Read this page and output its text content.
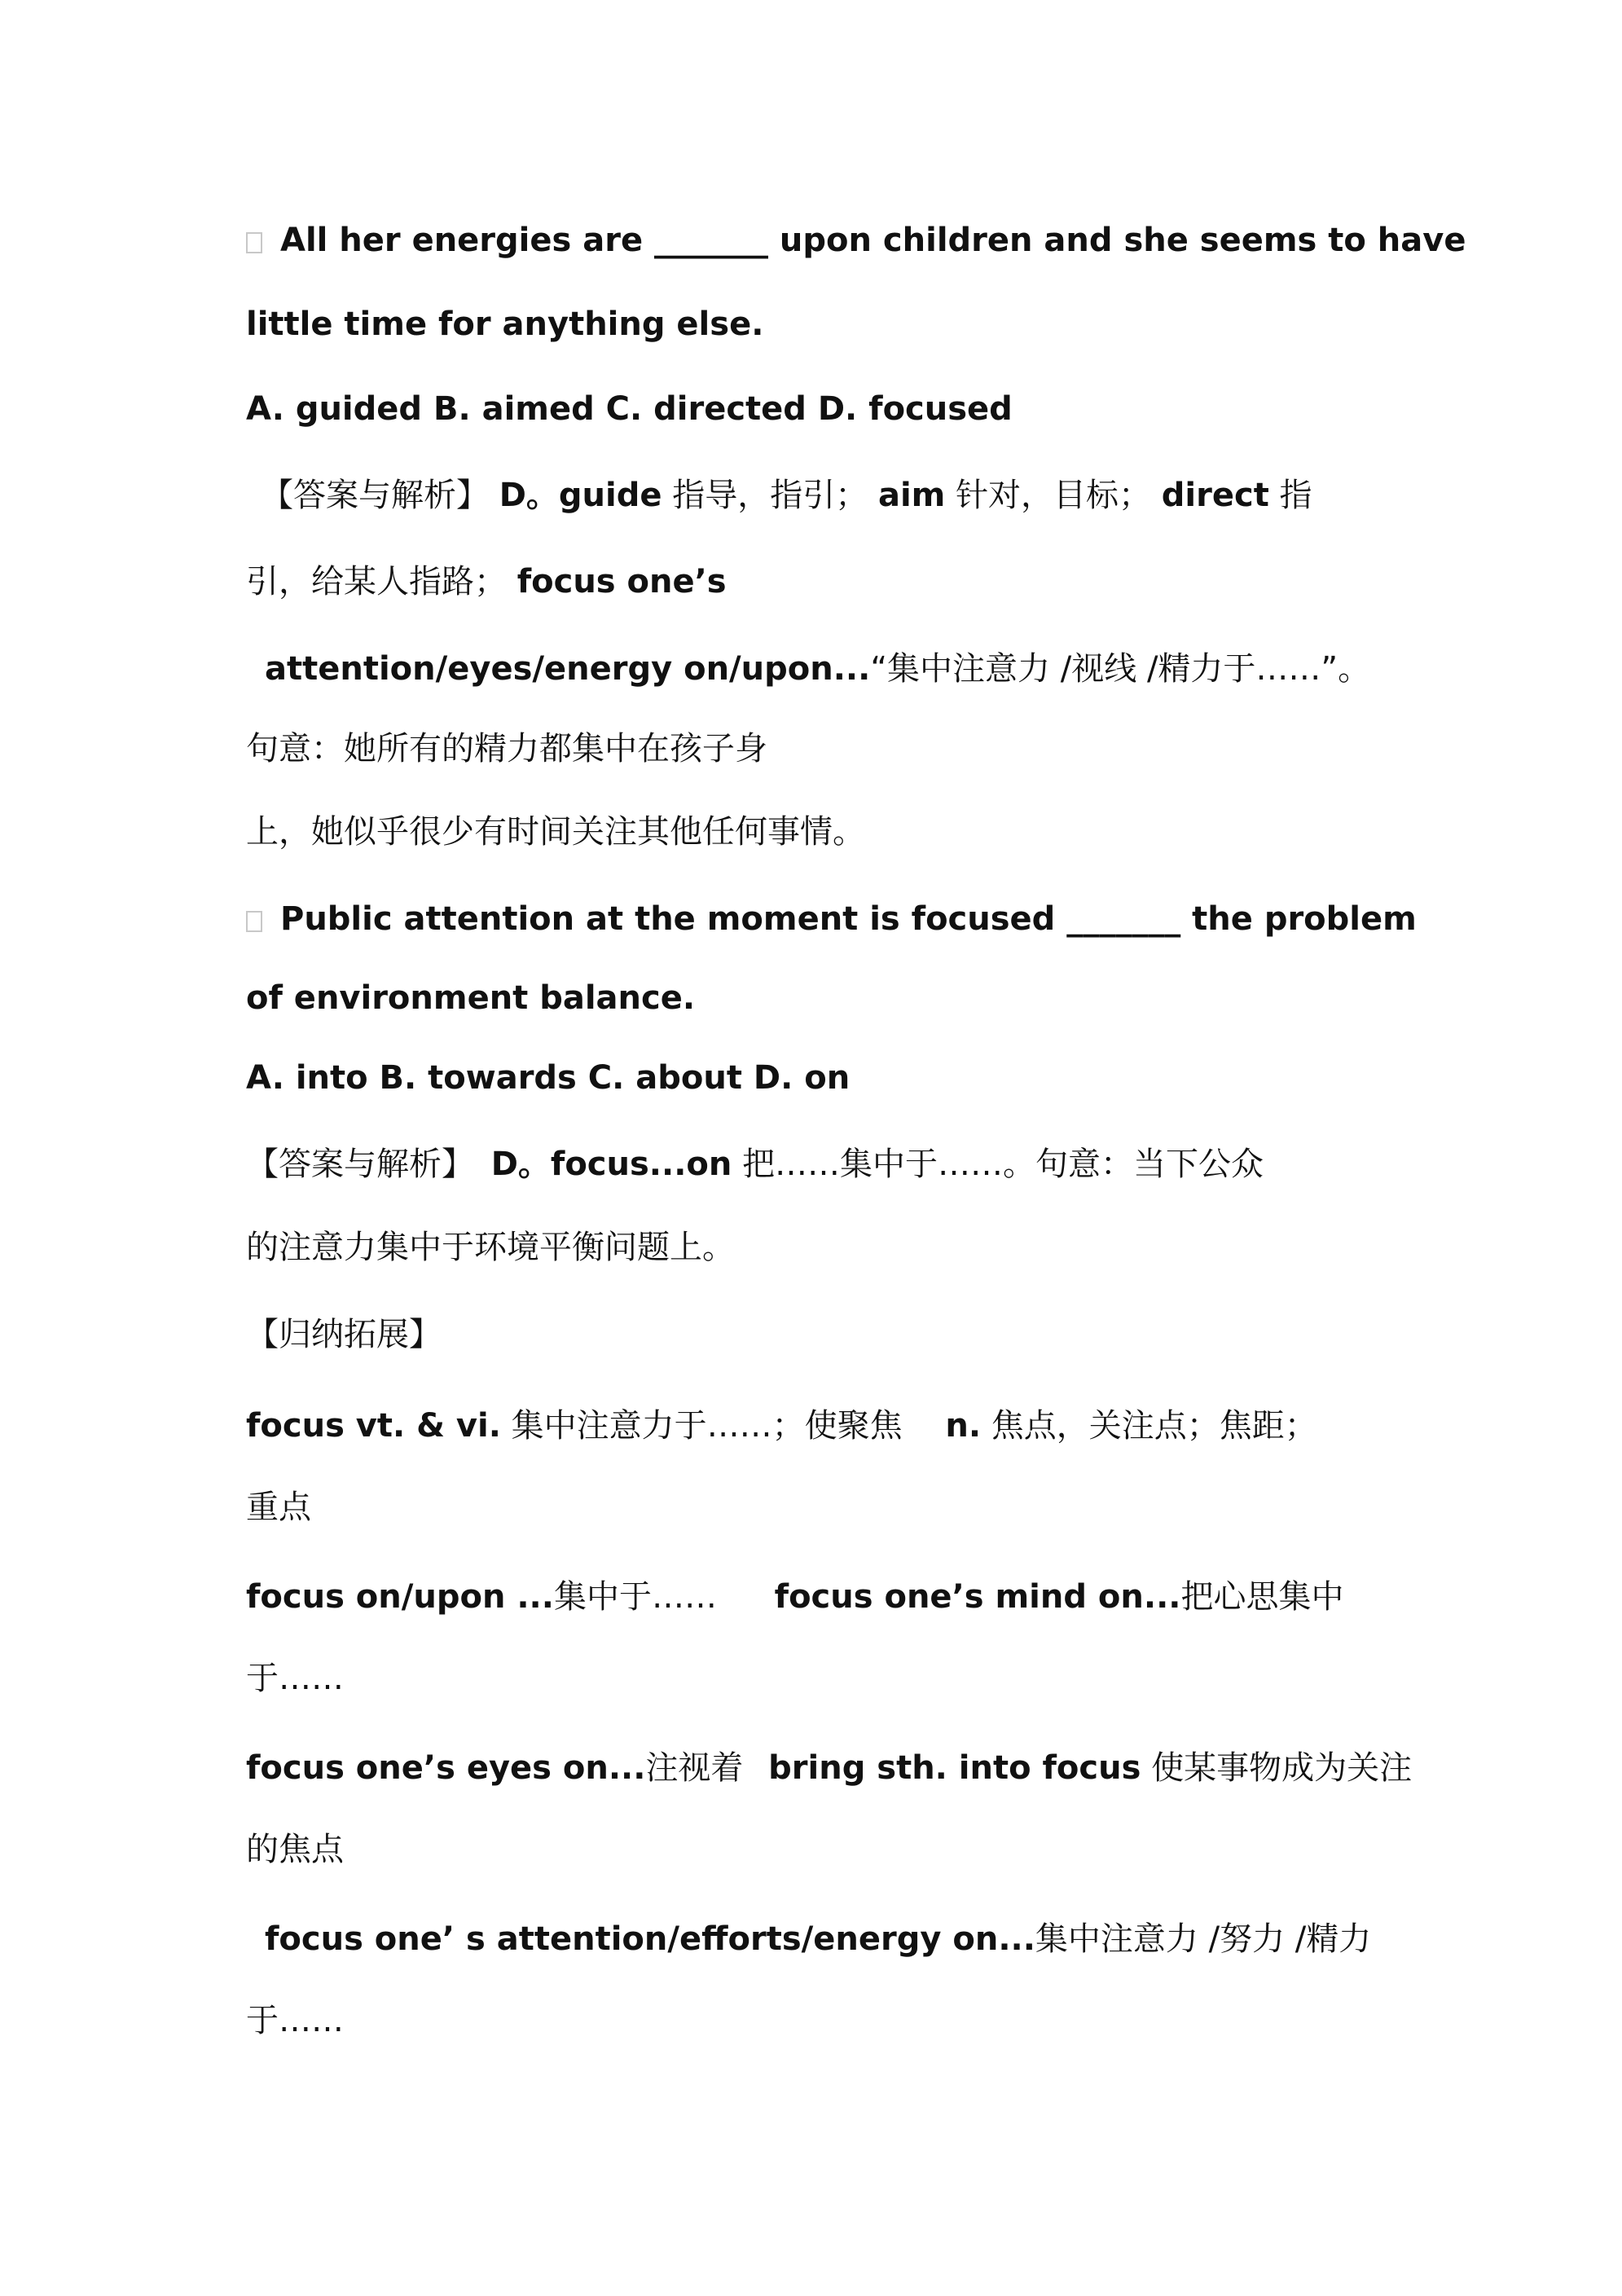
All her energies are _______ upon children and she seems to have
little time for anything else.
A. guided B. aimed C. directed D. focused
【答案与解析】 D。guide 指导，指引； aim 针对，目标； direct 指
引，给某人指路； focus one’s
attention/eyes/energy on/upon...“集中注意力 /视线 /精力于……”。
句意：她所有的精力都集中在孩子身
上，她似乎很少有时间关注其他任何事情。
Public attention at the moment is focused _______ the problem
of environment balance.
A. into B. towards C. about D. on
【答案与解析】 D。focus...on 把……集中于……。句意：当下公众
的注意力集中于环境平衡问题上。
【归纳拓展】
focus vt. & vi. 集中注意力于……；使聚焦 n. 焦点，关注点；焦距；
重点
focus on/upon ...集中于…… focus one’s mind on...把心思集中
于……
focus one’s eyes on...注视着 bring sth. into focus 使某事物成为关注
的焦点
focus one’ s attention/efforts/energy on...集中注意力 /努力 /精力
于……
